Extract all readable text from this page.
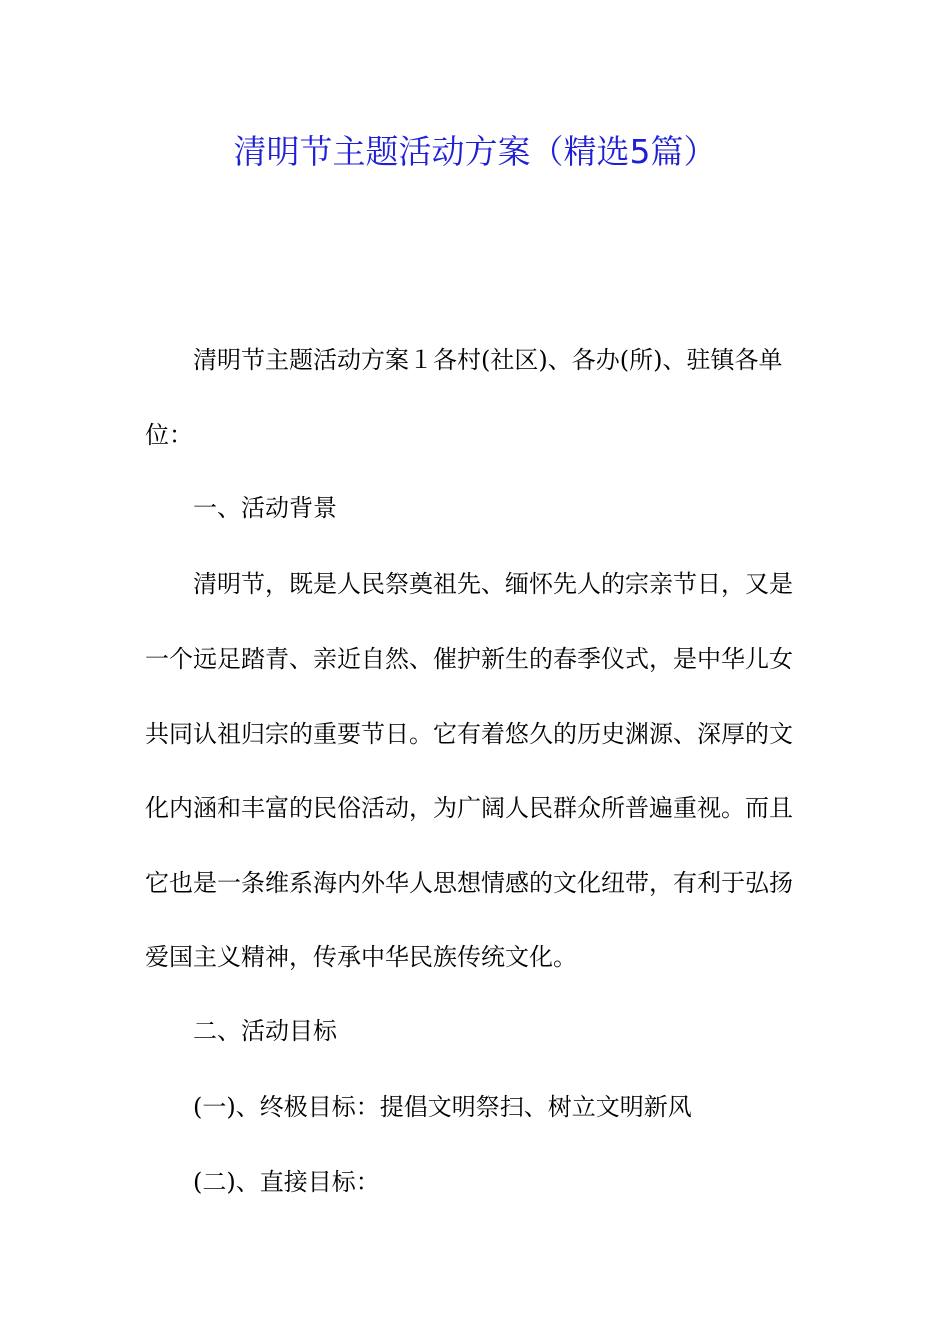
清明节主题活动方案（精选5篇）
清明节主题活动方案１各村(社区)、各办(所)、驻镇各单
位：
一、活动背景
清明节，既是人民祭奠祖先、缅怀先人的宗亲节日，又是
一个远足踏青、亲近自然、催护新生的春季仪式，是中华儿女
共同认祖归宗的重要节日。它有着悠久的历史渊源、深厚的文
化内涵和丰富的民俗活动，为广阔人民群众所普遍重视。而且
它也是一条维系海内外华人思想情感的文化纽带，有利于弘扬
爱国主义精神，传承中华民族传统文化。
二、活动目标
(一)、终极目标：提倡文明祭扫、树立文明新风
(二)、直接目标：
